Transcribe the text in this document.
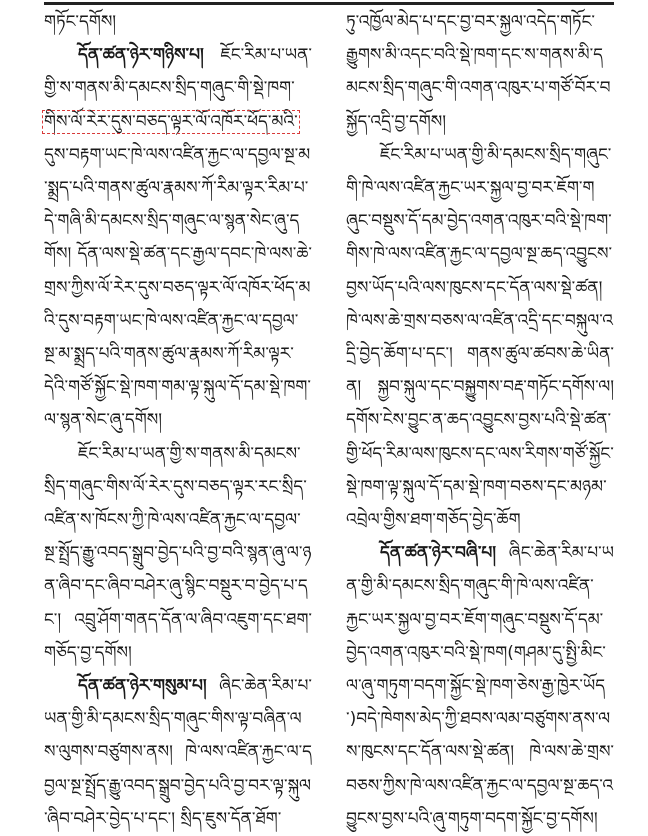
གཏོང་དགོས།

དོན་ཚན་ཉེར་གཉིས་པ། ཇོང་རིམ་པ་ཡན་གྱི་ས་གནས་མི་དམངས་སྲིད་གཞུང་གི་སྡེ་ཁག་གིས་ལོ་རེར་དུས་བཅད་ལྟར་ལོ་འཁོར་ཕོད་མའི་དུས་བརྟག་ཡང་ཁེ་ལས་འཛིན་རྐྱང་ལ་དབྱལ་སྔ་མ་སྨྲད་པའི་གནས་ཚུལ་རྣམས་ཀོ་རིམ་ལྟར་རིམ་པ་དེ་གཞི་མི་དམངས་སྲིད་གཞུང་ལ་སྙན་སེང་ཞུ་དགོས། དོན་ལས་སྡེ་ཚན་དང་རྒྱལ་དབང་ཁེ་ལས་ཆེ་གྲས་ཀྱིས་ལོ་རེར་དུས་བཅད་ལྟར་ལོ་འཁོར་ཕོད་མའི་དུས་བརྟག་ཡང་ཁེ་ལས་འཛིན་རྐྱང་ལ་དབྱལ་སྔ་མ་སྨྲད་པའི་གནས་ཚུལ་རྣམས་ཀོ་རིམ་ལྟར་དེའི་གཙོ་སྐྱོང་སྡེ་ཁག་གམ་ལྟ་སྐུལ་དོ་དམ་སྡེ་ཁག་ལ་སྙན་སེང་ཞུ་དགོས།

ཇོང་རིམ་པ་ཡན་གྱི་ས་གནས་མི་དམངས་སྲིད་གཞུང་གིས་ལོ་རེར་དུས་བཅད་ལྟར་རང་སྲིད་འཛིན་ས་ཁོངས་ཀྱི་ཁེ་ལས་འཛིན་རྐྱང་ལ་དབྱལ་སྔ་སྤྲོད་རྒྱུ་འབད་སྒྲུབ་བྱེད་པའི་བྱ་བའི་སྙན་ཞུ་ལ་ཉན་ཞིབ་དང་ཞིབ་བཤེར་ཞུ་སྙིང་བསྡུར་བ་བྱེད་པ་དང་། འབྲུ་ཤོག་གནད་དོན་ལ་ཞིབ་འཇུག་དང་ཐག་གཅོད་བྱ་དགོས།

དོན་ཚན་ཉེར་གསུམ་པ། ཞིང་ཆེན་རིམ་པ་ཡན་གྱི་མི་དམངས་སྲིད་གཞུང་གིས་ལྟ་བཞིན་ལས་ལུགས་བཙུགས་ནས། ཁེ་ལས་འཛིན་རྐྱང་ལ་དབྱལ་སྔ་སྤྲོད་རྒྱུ་འབད་སྒྲུབ་བྱེད་པའི་བྱ་བར་ལྟ་སྐུལ་ཞིབ་བཤེར་བྱེད་པ་དང་། སྲིད་ཇུས་དོན་ཐོག་

ཏུ་འཁྱོལ་མེད་པ་དང་བྱ་བར་སྐྱལ་འདེད་གཏོང་རྒྱུགས་མི་འདང་བའི་སྡེ་ཁག་དང་ས་གནས་མི་དམངས་སྲིད་གཞུང་གི་འགན་འཁུར་པ་གཙོ་བོར་བསྐྱོད་འདྲི་བྱ་དགོས།

ཇོང་རིམ་པ་ཡན་གྱི་མི་དམངས་སྲིད་གཞུང་གི་ཁེ་ལས་འཛིན་རྐྱང་ཡར་སྐྱལ་བྱ་བར་ཇོག་གཞུང་བསྡུས་དོ་དམ་བྱེད་འགན་འཁུར་བའི་སྡེ་ཁག་གིས་ཁེ་ལས་འཛིན་རྐྱང་ལ་དབྱལ་སྔ་ཆད་འབྱུངས་བྱས་ཡོད་པའི་ལས་ཁུངས་དང་དོན་ལས་སྡེ་ཚན། ཁེ་ལས་ཆེ་གྲས་བཅས་ལ་འཛིན་འདྲི་དང་བསྐུལ་འདྲི་བྱེད་ཆོག་པ་དང་། གནས་ཚུལ་ཚབས་ཆེ་ཡིན་ན། སྐྱབ་སྐུལ་དང་བསྐྱུགས་བརྡ་གཏོང་དགོས་ལ། དགོས་ངེས་བྱུང་ན་ཆད་འབྱུངས་བྱས་པའི་སྡེ་ཚན་གྱི་ཕོད་རིམ་ལས་ཁུངས་དང་ལས་རིགས་གཙོ་སྐྱོང་སྡེ་ཁག་ལྟ་སྐུལ་དོ་དམ་སྡེ་ཁག་བཅས་དང་མཉམ་འབྲེལ་གྱིས་ཐག་གཅོད་བྱེད་ཆོག

དོན་ཚན་ཉེར་བཞི་པ། ཞིང་ཆེན་རིམ་པ་ཡན་གྱི་མི་དམངས་སྲིད་གཞུང་གི་ཁེ་ལས་འཛིན་རྐྱང་ཡར་སྐྱལ་བྱ་བར་ཇོག་གཞུང་བསྡུས་དོ་དམ་བྱེད་འགན་འཁུར་བའི་སྡེ་ཁག(གཤམ་དུ་སྤྱི་མིང་ལ་ཞུ་གཏུག་བདག་སྐྱོང་སྡེ་ཁག་ཅེས་རྒྱ་ཁྱེར་ཡོད་)བདེ་ཁེགས་མེད་ཀྱི་ཐབས་ལམ་བཙུགས་ནས་ལས་ཁུངས་དང་དོན་ལས་སྡེ་ཚན། ཁེ་ལས་ཆེ་གྲས་བཅས་ཀྱིས་ཁེ་ལས་འཛིན་རྐྱང་ལ་དབྱལ་སྔ་ཆད་འབྱུངས་བྱས་པའི་ཞུ་གཏུག་བདག་སྐྱོང་བྱ་དགོས།
